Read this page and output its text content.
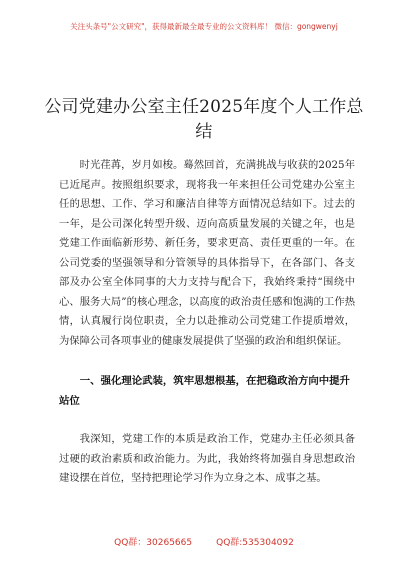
关注头条号"公文研究"，获得最新最全最专业的公文资料库！ 微信：gongwenyj
公司党建办公室主任2025年度个人工作总结

时光荏苒，岁月如梭。蓦然回首，充满挑战与收获的2025年已近尾声。按照组织要求，现将我一年来担任公司党建办公室主任的思想、工作、学习和廉洁自律等方面情况总结如下。过去的一年，是公司深化转型升级、迈向高质量发展的关键之年，也是党建工作面临新形势、新任务，要求更高、责任更重的一年。在公司党委的坚强领导和分管领导的具体指导下，在各部门、各支部及办公室全体同事的大力支持与配合下，我始终秉持“围绕中心、服务大局”的核心理念，以高度的政治责任感和饱满的工作热情，认真履行岗位职责，全力以赴推动公司党建工作提质增效，为保障公司各项事业的健康发展提供了坚强的政治和组织保证。

一、强化理论武装，筑牢思想根基，在把稳政治方向中提升站位

我深知，党建工作的本质是政治工作，党建办主任必须具备过硬的政治素质和政治能力。为此，我始终将加强自身思想政治建设摆在首位，坚持把理论学习作为立身之本、成事之基。

QQ群：30265665	QQ群:535304092
